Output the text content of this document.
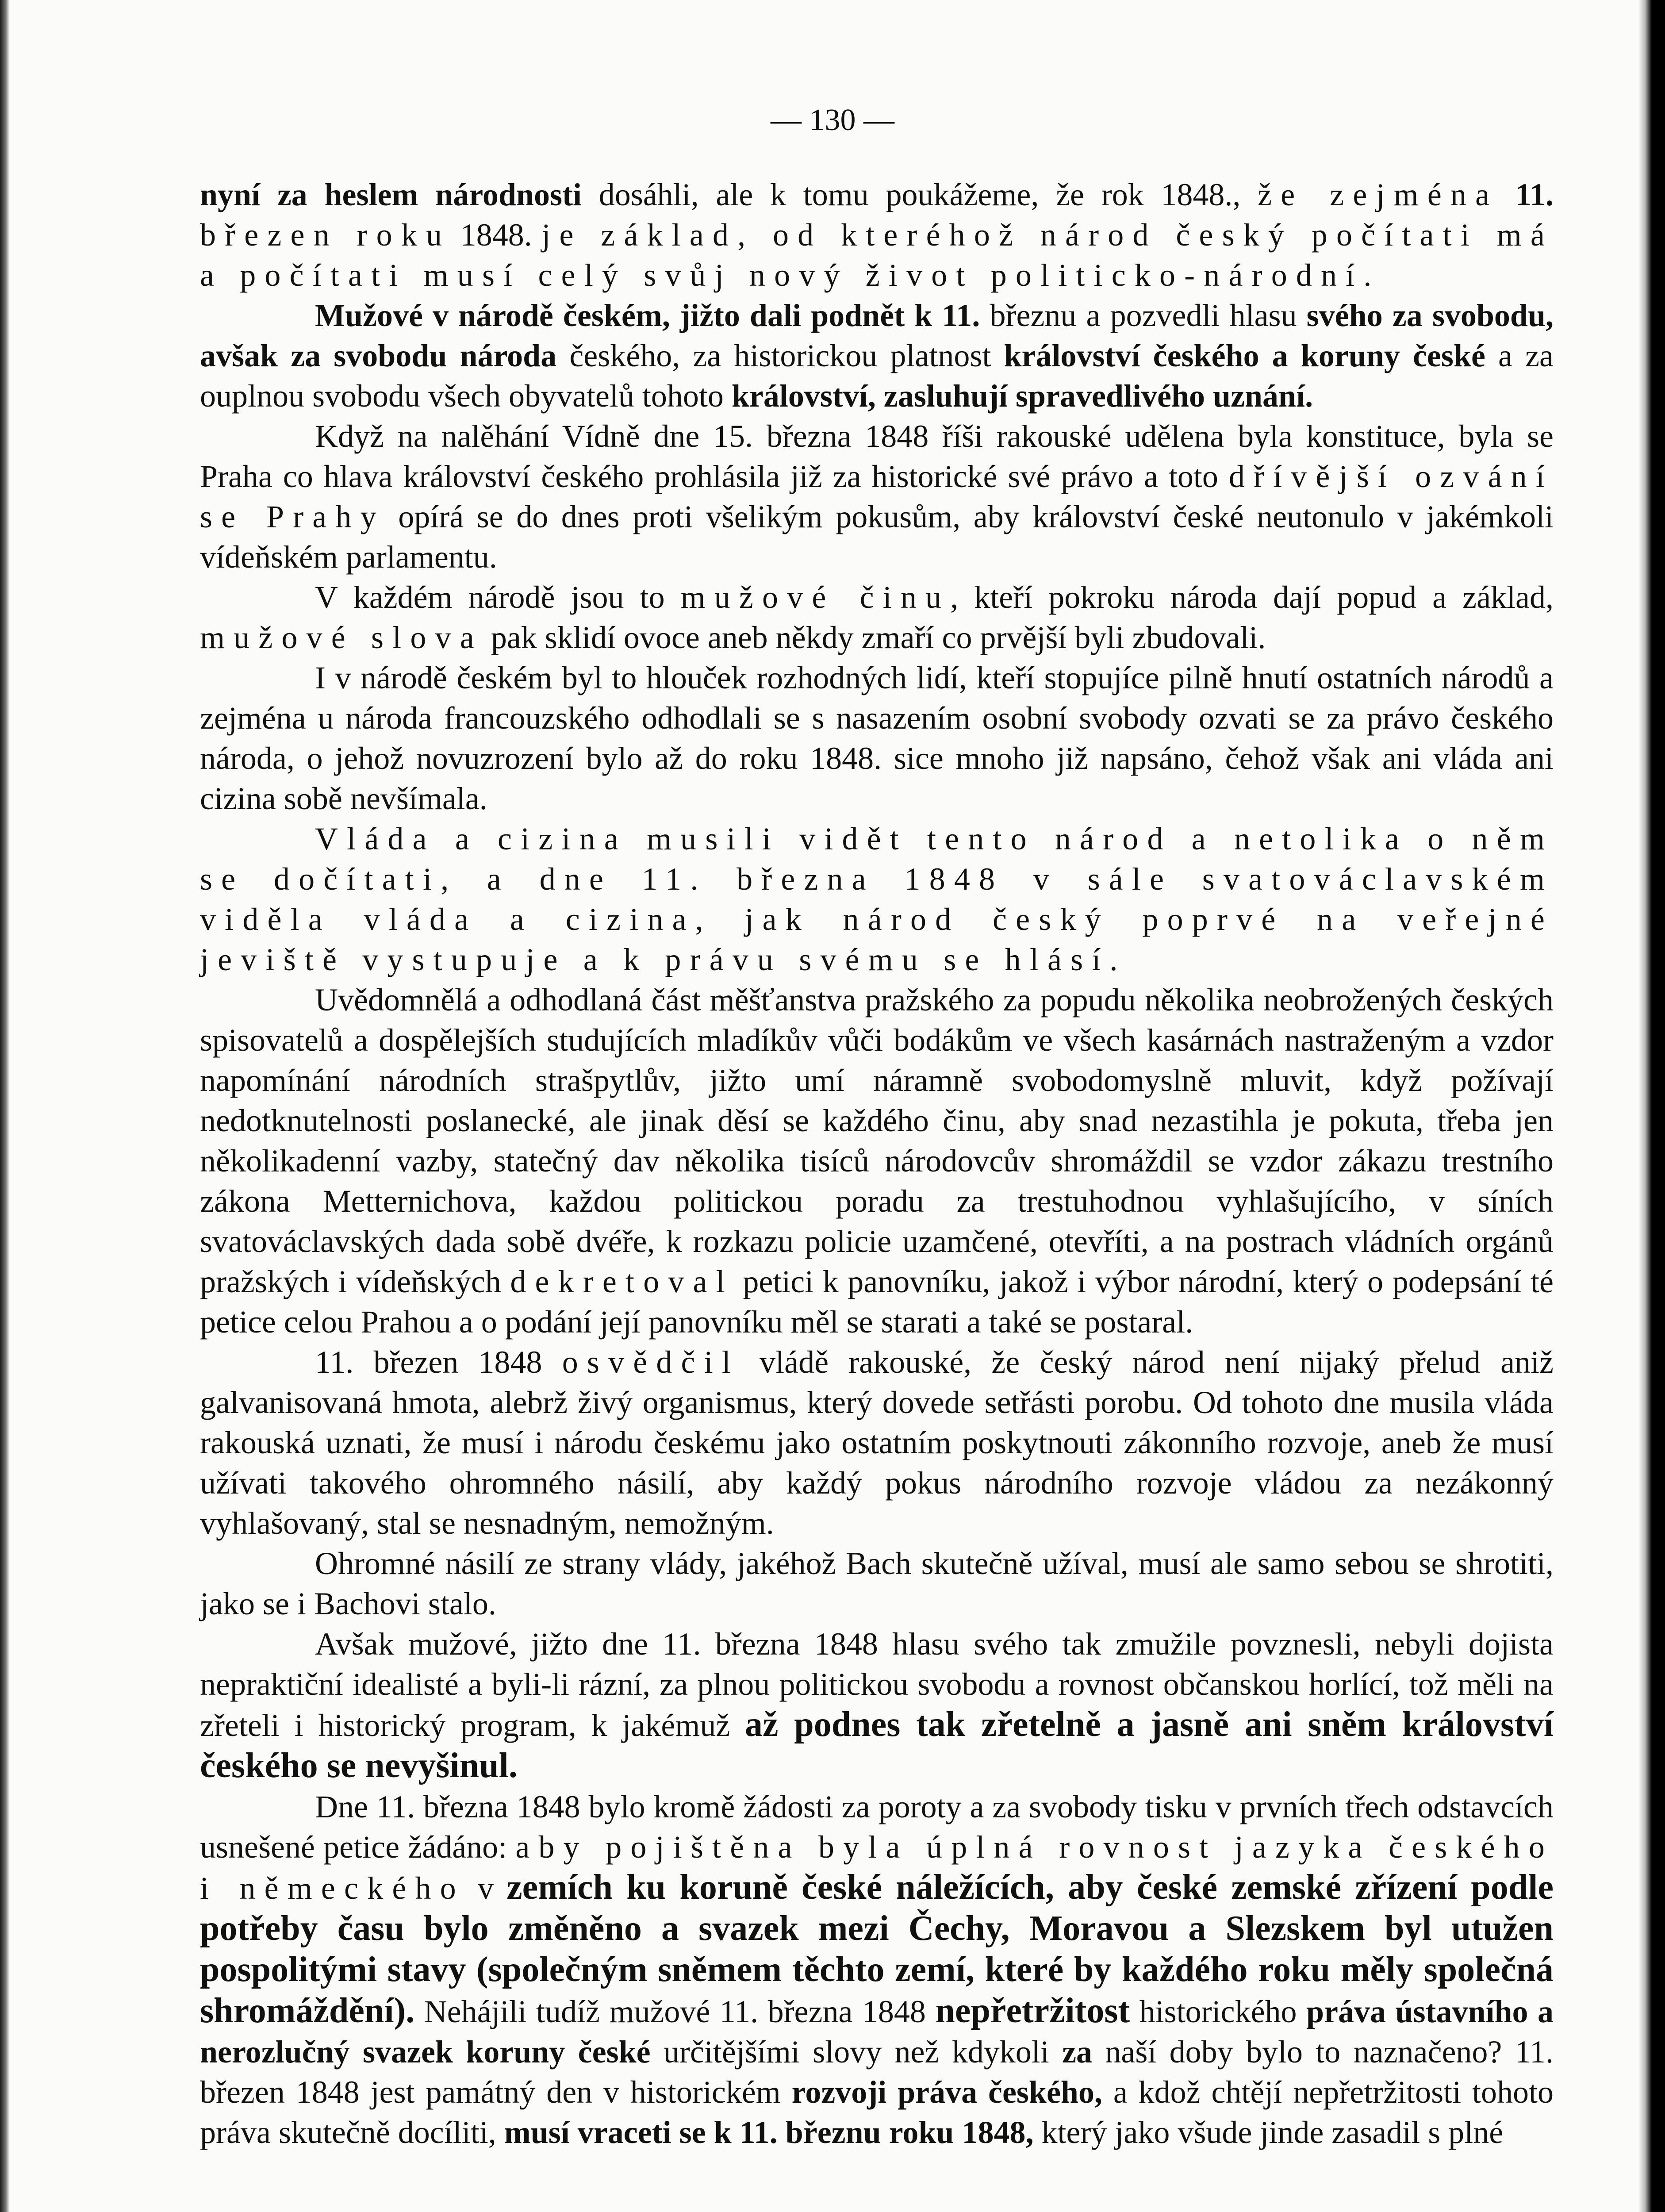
— 130 —

nyní za heslem národnosti dosáhli, ale k tomu poukážeme, že rok 1848., že zejména 11. březen roku 1848. je základ, od kteréhož národ český počítati má a počítati musí celý svůj nový život politicko-národní.

Mužové v národě českém, jižto dali podnět k 11. březnu a pozvedli hlasu svého za svobodu, avšak za svobodu národa českého, za historickou platnost království českého a koruny české a za ouplnou svobodu všech obyvatelů tohoto království, zasluhují spravedlivého uznání.

Když na nalěhání Vídně dne 15. března 1848 říši rakouské udělena byla konstituce, byla se Praha co hlava království českého prohlásila již za historické své právo a toto dřívější ozvání se Prahy opírá se do dnes proti všelikým pokusům, aby království české neutonulo v jakémkoli vídeňském parlamentu.

V každém národě jsou to mužové činu, kteří pokroku národa dají popud a základ, mužové slova pak sklidí ovoce aneb někdy zmaří co prvější byli zbudovali.

I v národě českém byl to hlouček rozhodných lidí, kteří stopujíce pilně hnutí ostatních národů a zejména u národa francouzského odhodlali se s nasazením osobní svobody ozvati se za právo českého národa, o jehož novuzrození bylo až do roku 1848. sice mnoho již napsáno, čehož však ani vláda ani cizina sobě nevšímala.

Vláda a cizina musili vidět tento národ a netolika o něm se dočítati, a dne 11. března 1848 v sále svatováclavském viděla vláda a cizina, jak národ český poprvé na veřejné jeviště vystupuje a k právu svému se hlásí.

Uvědomnělá a odhodlaná část měšťanstva pražského za popudu několika neobrožených českých spisovatelů a dospělejších studujících mladíkův vůči bodákům ve všech kasárnách nastraženým a vzdor napomínání národních strašpytlův, jižto umí náramně svobodomyslně mluvit, když požívají nedotknutelnosti poslanecké, ale jinak děsí se každého činu, aby snad nezastihla je pokuta, třeba jen několikadenní vazby, statečný dav několika tisíců národovcův shromáždil se vzdor zákazu trestního zákona Metternichova, každou politickou poradu za trestuhodnou vyhlašujícího, v síních svatováclavských dada sobě dvéře, k rozkazu policie uzamčené, otevříti, a na postrach vládních orgánů pražských i vídeňských dekretoval petici k panovníku, jakož i výbor národní, který o podepsání té petice celou Prahou a o podání její panovníku měl se starati a také se postaral.

11. březen 1848 osvědčil vládě rakouské, že český národ není nijaký přelud aniž galvanisovaná hmota, alebrž živý organismus, který dovede setřásti porobu. Od tohoto dne musila vláda rakouská uznati, že musí i národu českému jako ostatním poskytnouti zákonního rozvoje, aneb že musí užívati takového ohromného násilí, aby každý pokus národního rozvoje vládou za nezákonný vyhlašovaný, stal se nesnadným, nemožným.

Ohromné násilí ze strany vlády, jakéhož Bach skutečně užíval, musí ale samo sebou se shrotiti, jako se i Bachovi stalo.

Avšak mužové, jižto dne 11. března 1848 hlasu svého tak zmužile povznesli, nebyli dojista nepraktiční idealisté a byli-li rázní, za plnou politickou svobodu a rovnost občanskou horlící, tož měli na zřeteli i historický program, k jakémuž až podnes tak zřetelně a jasně ani sněm království českého se nevyšinul.

Dne 11. března 1848 bylo kromě žádosti za poroty a za svobody tisku v prvních třech odstavcích usnešené petice žádáno: aby pojištěna byla úplná rovnost jazyka českého i německého v zemích ku koruně české náležících, aby české zemské zřízení podle potřeby času bylo změněno a svazek mezi Čechy, Moravou a Slezskem byl utužen pospolitými stavy (společným sněmem těchto zemí, které by každého roku měly společná shromáždění). Nehájili tudíž mužové 11. března 1848 nepřetržitost historického práva ústavního a nerozlučný svazek koruny české určitějšími slovy než kdykoli za naší doby bylo to naznačeno? 11. březen 1848 jest památný den v historickém rozvoji práva českého, a kdož chtějí nepřetržitosti tohoto práva skutečně docíliti, musí vraceti se k 11. březnu roku 1848, který jako všude jinde zasadil s plné
